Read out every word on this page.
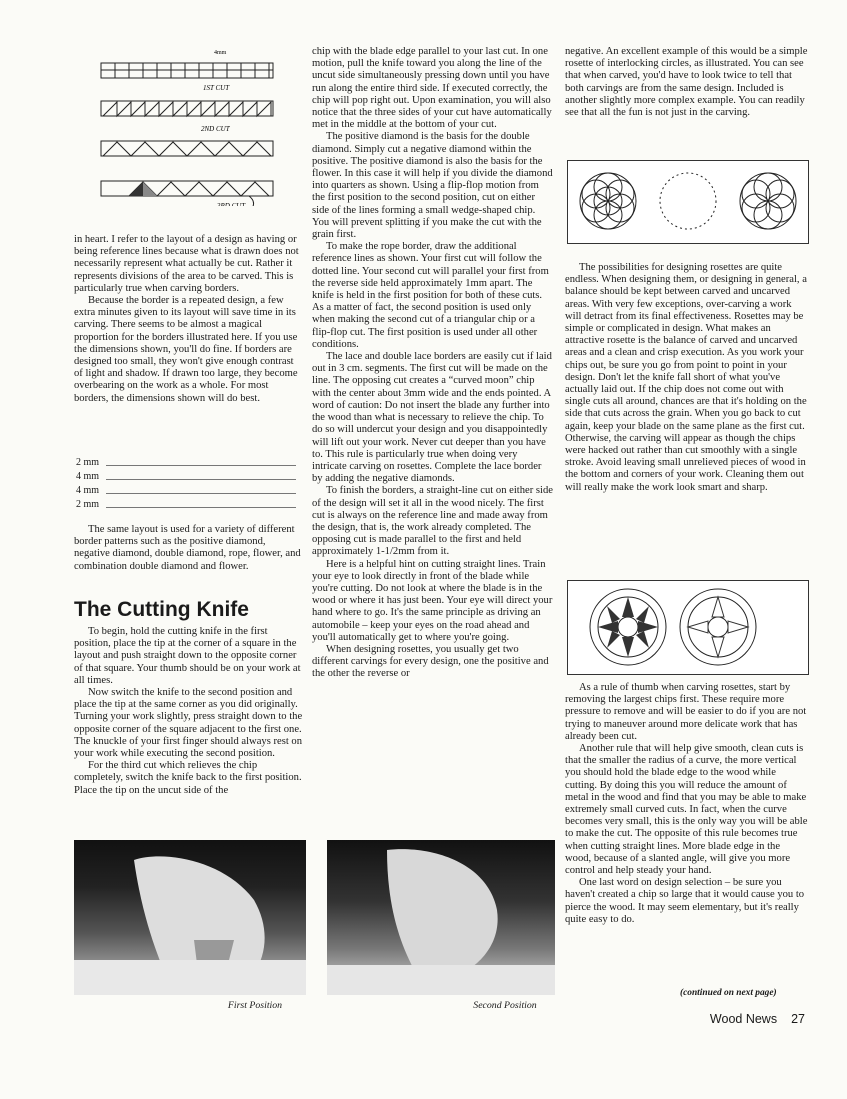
4mm
1ST CUT
2ND CUT
3RD CUT

in heart. I refer to the layout of a design as having or being reference lines because what is drawn does not necessarily represent what actually be cut. Rather it represents divisions of the area to be carved. This is particularly true when carving borders.

Because the border is a repeated design, a few extra minutes given to its layout will save time in its carving. There seems to be almost a magical proportion for the borders illustrated here. If you use the dimensions shown, you'll do fine. If borders are designed too small, they won't give enough contrast of light and shadow. If drawn too large, they become overbearing on the work as a whole. For most borders, the dimensions shown will do best.

2 mm
4 mm
4 mm
2 mm

The same layout is used for a variety of different border patterns such as the positive diamond, negative diamond, double diamond, rope, flower, and combination double diamond and flower.

The Cutting Knife

To begin, hold the cutting knife in the first position, place the tip at the corner of a square in the layout and push straight down to the opposite corner of that square. Your thumb should be on your work at all times.

Now switch the knife to the second position and place the tip at the same corner as you did originally. Turning your work slightly, press straight down to the opposite corner of the square adjacent to the first one. The knuckle of your first finger should always rest on your work while executing the second position.

For the third cut which relieves the chip completely, switch the knife back to the first position. Place the tip on the uncut side of the

First Position

chip with the blade edge parallel to your last cut. In one motion, pull the knife toward you along the line of the uncut side simultaneously pressing down until you have run along the entire third side. If executed correctly, the chip will pop right out. Upon examination, you will also notice that the three sides of your cut have automatically met in the middle at the bottom of your cut.

The positive diamond is the basis for the double diamond. Simply cut a negative diamond within the positive. The positive diamond is also the basis for the flower. In this case it will help if you divide the diamond into quarters as shown. Using a flip-flop motion from the first position to the second position, cut on either side of the lines forming a small wedge-shaped chip. You will prevent splitting if you make the cut with the grain first.

To make the rope border, draw the additional reference lines as shown. Your first cut will follow the dotted line. Your second cut will parallel your first from the reverse side held approximately 1mm apart. The knife is held in the first position for both of these cuts. As a matter of fact, the second position is used only when making the second cut of a triangular chip or a flip-flop cut. The first position is used under all other conditions.

The lace and double lace borders are easily cut if laid out in 3 cm. segments. The first cut will be made on the line. The opposing cut creates a “curved moon” chip with the center about 3mm wide and the ends pointed. A word of caution: Do not insert the blade any further into the wood than what is necessary to relieve the chip. To do so will undercut your design and you disappointedly will lift out your work. Never cut deeper than you have to. This rule is particularly true when doing very intricate carving on rosettes. Complete the lace border by adding the negative diamonds.

To finish the borders, a straight-line cut on either side of the design will set it all in the wood nicely. The first cut is always on the reference line and made away from the design, that is, the work already completed. The opposing cut is made parallel to the first and held approximately 1-1/2mm from it.

Here is a helpful hint on cutting straight lines. Train your eye to look directly in front of the blade while you're cutting. Do not look at where the blade is in the wood or where it has just been. Your eye will direct your hand where to go. It's the same principle as driving an automobile – keep your eyes on the road ahead and you'll automatically get to where you're going.

When designing rosettes, you usually get two different carvings for every design, one the positive and the other the reverse or

Second Position

negative. An excellent example of this would be a simple rosette of interlocking circles, as illustrated. You can see that when carved, you'd have to look twice to tell that both carvings are from the same design. Included is another slightly more complex example. You can readily see that all the fun is not just in the carving.

The possibilities for designing rosettes are quite endless. When designing them, or designing in general, a balance should be kept between carved and uncarved areas. With very few exceptions, over-carving a work will detract from its final effectiveness. Rosettes may be simple or complicated in design. What makes an attractive rosette is the balance of carved and uncarved areas and a clean and crisp execution. As you work your chips out, be sure you go from point to point in your design. Don't let the knife fall short of what you've actually laid out. If the chip does not come out with single cuts all around, chances are that it's holding on the side that cuts across the grain. When you go back to cut again, keep your blade on the same plane as the first cut. Otherwise, the carving will appear as though the chips were hacked out rather than cut smoothly with a single stroke. Avoid leaving small unrelieved pieces of wood in the bottom and corners of your work. Cleaning them out will really make the work look smart and sharp.

As a rule of thumb when carving rosettes, start by removing the largest chips first. These require more pressure to remove and will be easier to do if you are not trying to maneuver around more delicate work that has already been cut.

Another rule that will help give smooth, clean cuts is that the smaller the radius of a curve, the more vertical you should hold the blade edge to the wood while cutting. By doing this you will reduce the amount of metal in the wood and find that you may be able to make extremely small curved cuts. In fact, when the curve becomes very small, this is the only way you will be able to make the cut. The opposite of this rule becomes true when cutting straight lines. More blade edge in the wood, because of a slanted angle, will give you more control and help steady your hand.

One last word on design selection – be sure you haven't created a chip so large that it would cause you to pierce the wood. It may seem elementary, but it's really quite easy to do.

(continued on next page)
Wood News 27
